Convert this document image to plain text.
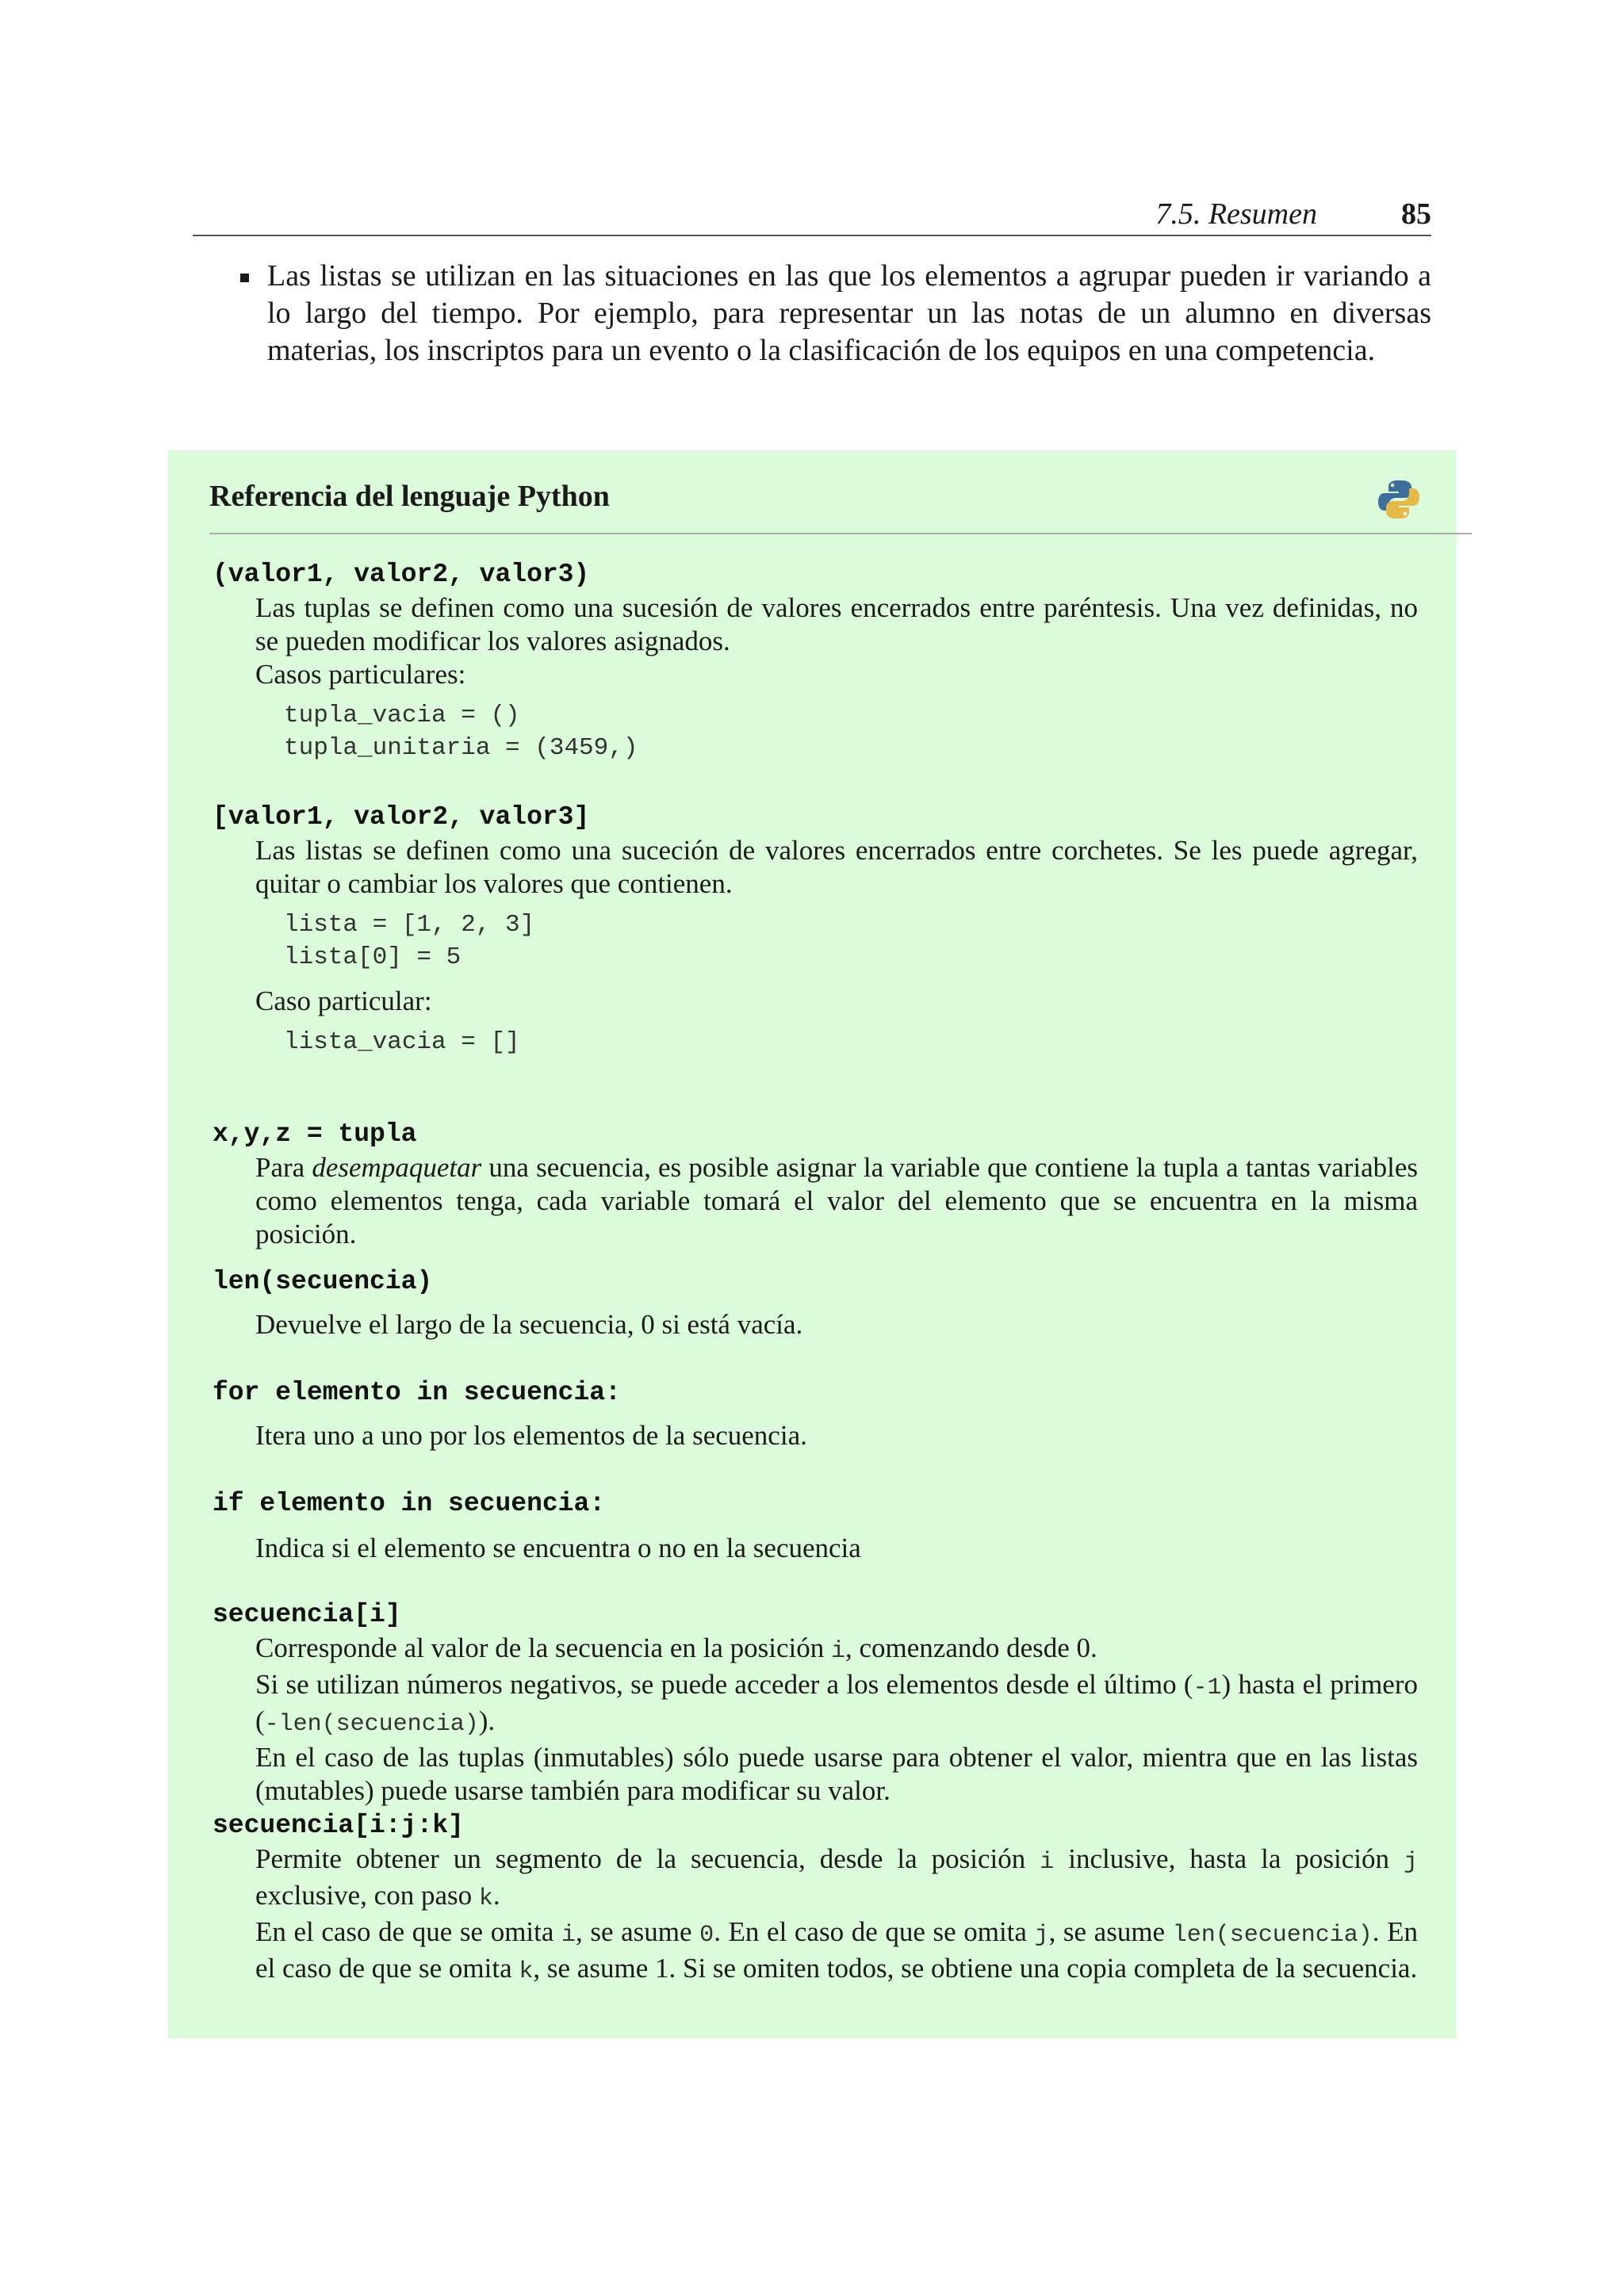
7.5. Resumen	85
Las listas se utilizan en las situaciones en las que los elementos a agrupar pueden ir variando a lo largo del tiempo. Por ejemplo, para representar un las notas de un alumno en diversas materias, los inscriptos para un evento o la clasificación de los equipos en una competencia.
Referencia del lenguaje Python
(valor1, valor2, valor3)

Las tuplas se definen como una sucesión de valores encerrados entre paréntesis. Una vez definidas, no se pueden modificar los valores asignados.

Casos particulares:

tupla_vacia = ()
tupla_unitaria = (3459,)
[valor1, valor2, valor3]

Las listas se definen como una suceción de valores encerrados entre corchetes. Se les puede agregar, quitar o cambiar los valores que contienen.

lista = [1, 2, 3]
lista[0] = 5

Caso particular:

lista_vacia = []
x,y,z = tupla

Para desempaquetar una secuencia, es posible asignar la variable que contiene la tupla a tantas variables como elementos tenga, cada variable tomará el valor del elemento que se encuentra en la misma posición.

len(secuencia)

Devuelve el largo de la secuencia, 0 si está vacía.

for elemento in secuencia:

Itera uno a uno por los elementos de la secuencia.

if elemento in secuencia:

Indica si el elemento se encuentra o no en la secuencia

secuencia[i]

Corresponde al valor de la secuencia en la posición i, comenzando desde 0.

Si se utilizan números negativos, se puede acceder a los elementos desde el último (-1) hasta el primero (-len(secuencia)).

En el caso de las tuplas (inmutables) sólo puede usarse para obtener el valor, mientra que en las listas (mutables) puede usarse también para modificar su valor.

secuencia[i:j:k]

Permite obtener un segmento de la secuencia, desde la posición i inclusive, hasta la posición j exclusive, con paso k.

En el caso de que se omita i, se asume 0. En el caso de que se omita j, se asume len(secuencia). En el caso de que se omita k, se asume 1. Si se omiten todos, se obtiene una copia completa de la secuencia.
